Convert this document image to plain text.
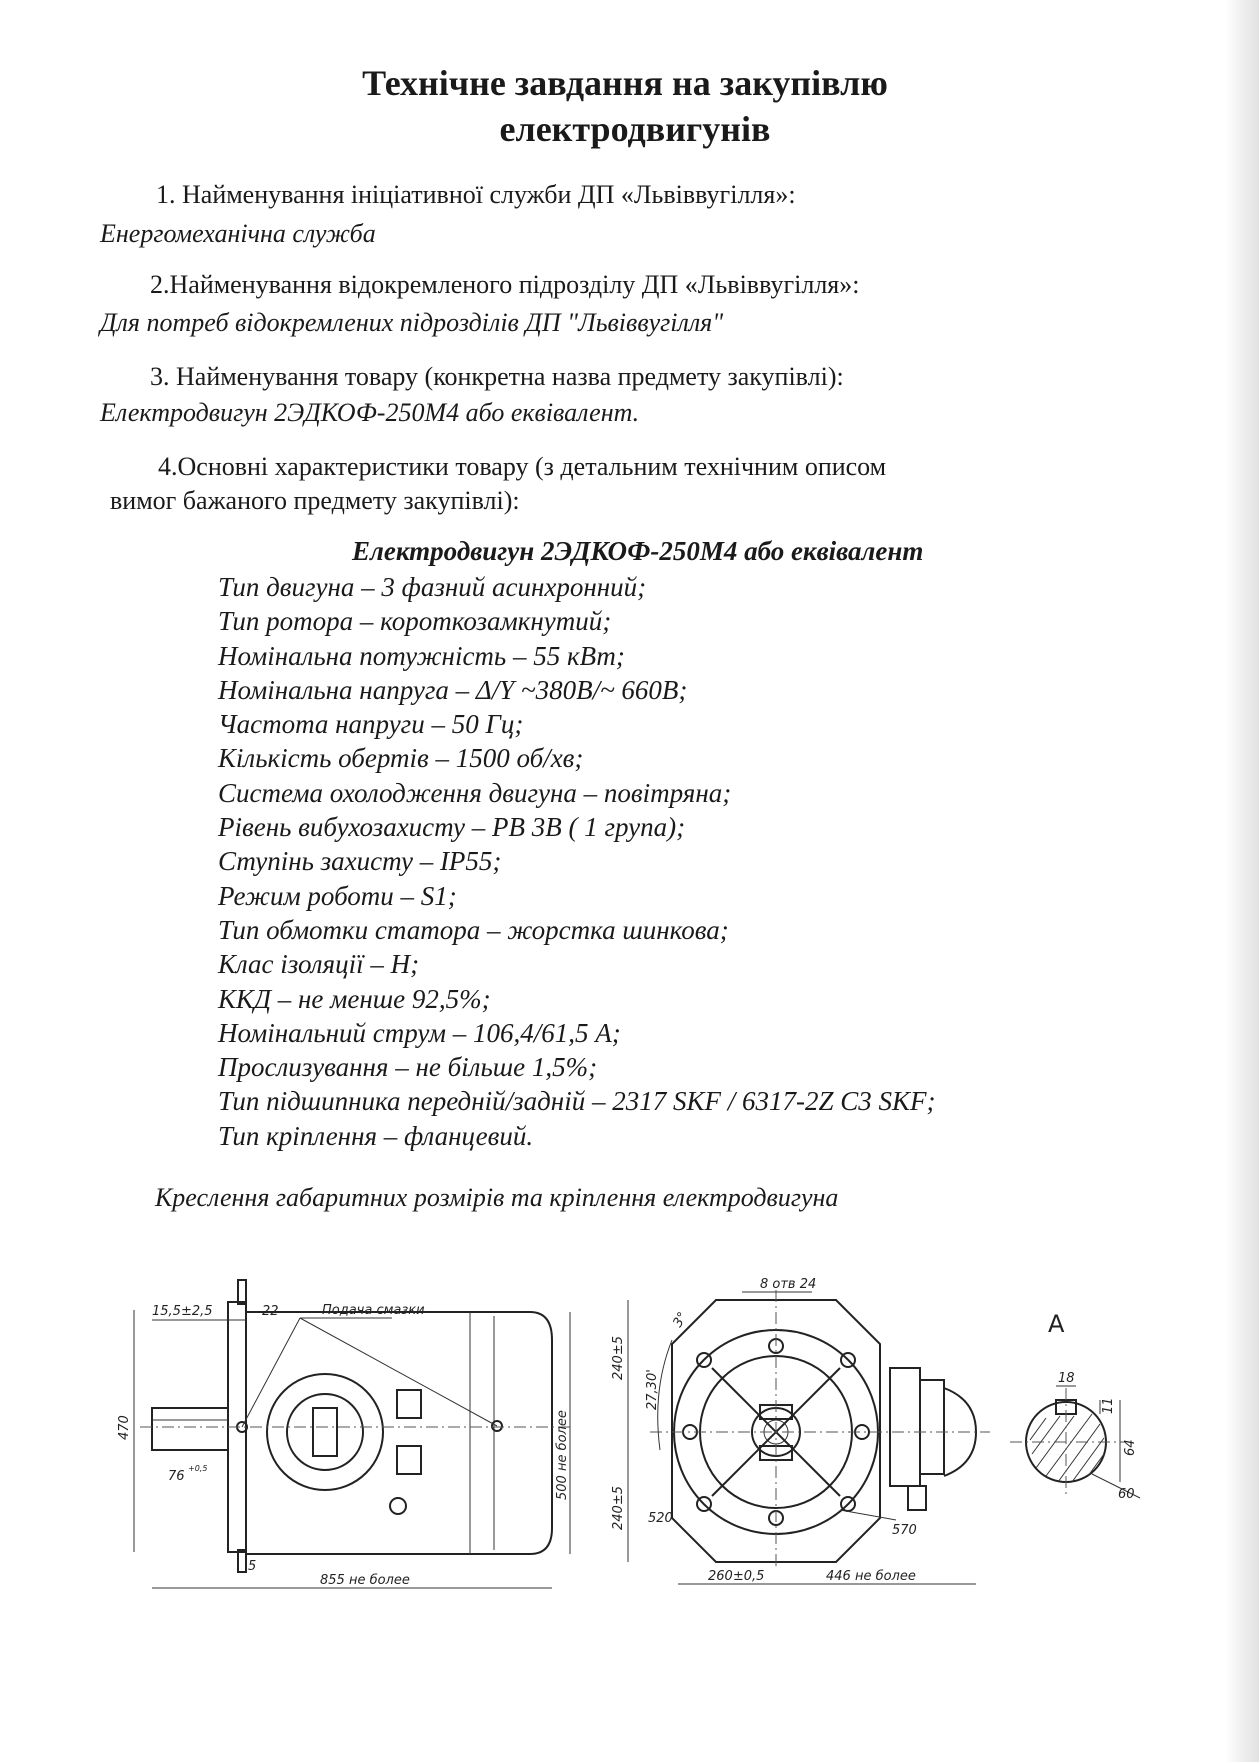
Технічне завдання на закупівлю
електродвигунів

1. Найменування ініціативної служби ДП «Львіввугілля»:

Енергомеханічна служба

2.Найменування відокремленого підрозділу ДП «Львіввугілля»:

Для потреб відокремлених підрозділів ДП "Львіввугілля"

3. Найменування товару (конкретна назва предмету закупівлі):

Електродвигун 2ЭДКОФ-250М4 або еквівалент.

4.Основні характеристики товару (з детальним технічним описом

вимог бажаного предмету закупівлі):

Електродвигун 2ЭДКОФ-250М4 або еквівалент
Тип двигуна – 3 фазний асинхронний;
Тип ротора – короткозамкнутий;
Номінальна потужність – 55 кВт;
Номінальна напруга – Δ/Y ~380В/~ 660В;
Частота напруги – 50 Гц;
Кількість обертів – 1500 об/хв;
Система охолодження двигуна – повітряна;
Рівень вибухозахисту – РВ 3В ( 1 група);
Ступінь захисту – IP55;
Режим роботи – S1;
Тип обмотки статора – жорстка шинкова;
Клас ізоляції – Н;
ККД – не менше 92,5%;
Номінальний струм – 106,4/61,5 А;
Прослизування – не більше 1,5%;
Тип підшипника передній/задній – 2317 SKF / 6317-2Z C3 SKF;
Тип кріплення – фланцевий.
Креслення габаритних розмірів та кріплення електродвигуна
Подача смазки
15,5±2,5	22
470
76
+0,5	500 не более
5
855 не более
8 отв 24
3°
27,30'
240±5
240±5 520
570
260±0,5	446 не более
А
18
11
64
60
